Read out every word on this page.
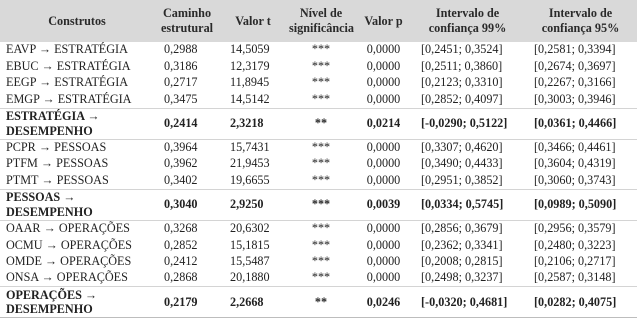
Construtos	Caminho estrutural	Valor t	Nível de significância	Valor p	Intervalo de confiança 99%	Intervalo de confiança 95%
EAVP → ESTRATÉGIA	0,2988	14,5059	***	0,0000	[0,2451; 0,3524]	[0,2581; 0,3394]
EBUC → ESTRATÉGIA	0,3186	12,3179	***	0,0000	[0,2511; 0,3860]	[0,2674; 0,3697]
EEGP → ESTRATÉGIA	0,2717	11,8945	***	0,0000	[0,2123; 0,3310]	[0,2267; 0,3166]
EMGP → ESTRATÉGIA	0,3475	14,5142	***	0,0000	[0,2852; 0,4097]	[0,3003; 0,3946]
ESTRATÉGIA → DESEMPENHO	0,2414	2,3218	**	0,0214	[-0,0290; 0,5122]	[0,0361; 0,4466]
PCPR → PESSOAS	0,3964	15,7431	***	0,0000	[0,3307; 0,4620]	[0,3466; 0,4461]
PTFM → PESSOAS	0,3962	21,9453	***	0,0000	[0,3490; 0,4433]	[0,3604; 0,4319]
PTMT → PESSOAS	0,3402	19,6655	***	0,0000	[0,2951; 0,3852]	[0,3060; 0,3743]
PESSOAS → DESEMPENHO	0,3040	2,9250	***	0,0039	[0,0334; 0,5745]	[0,0989; 0,5090]
OAAR → OPERAÇÕES	0,3268	20,6302	***	0,0000	[0,2856; 0,3679]	[0,2956; 0,3579]
OCMU → OPERAÇÕES	0,2852	15,1815	***	0,0000	[0,2362; 0,3341]	[0,2480; 0,3223]
OMDE → OPERAÇÕES	0,2412	15,5487	***	0,0000	[0,2008; 0,2815]	[0,2106; 0,2717]
ONSA → OPERAÇÕES	0,2868	20,1880	***	0,0000	[0,2498; 0,3237]	[0,2587; 0,3148]
OPERAÇÕES → DESEMPENHO	0,2179	2,2668	**	0,0246	[-0,0320; 0,4681]	[0,0282; 0,4075]
